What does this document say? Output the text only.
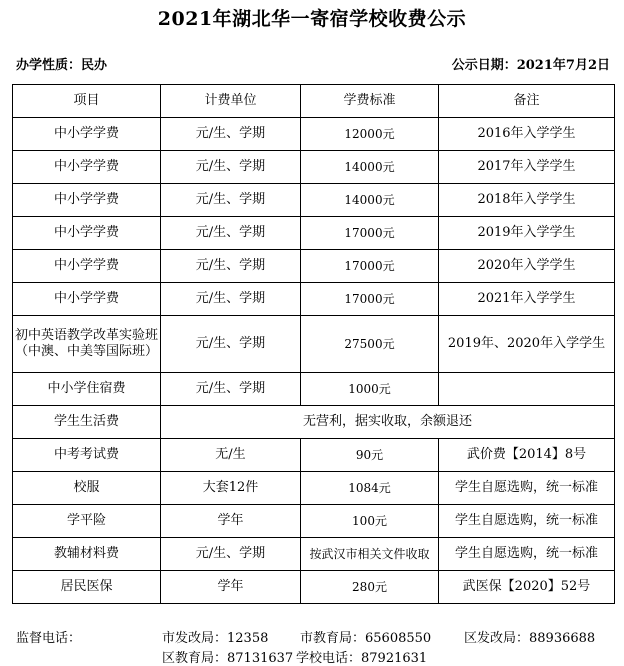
2021年湖北华一寄宿学校收费公示
办学性质：民办	公示日期：2021年7月2日
项目	计费单位	学费标准	备注
中小学学费	元/生、学期	12000元	2016年入学学生
中小学学费	元/生、学期	14000元	2017年入学学生
中小学学费	元/生、学期	14000元	2018年入学学生
中小学学费	元/生、学期	17000元	2019年入学学生
中小学学费	元/生、学期	17000元	2020年入学学生
中小学学费	元/生、学期	17000元	2021年入学学生
初中英语教学改革实验班（中澳、中美等国际班）	元/生、学期	27500元	2019年、2020年入学学生
中小学住宿费	元/生、学期	1000元	
学生生活费	无营利，据实收取，余额退还		
中考考试费	无/生	90元	武价费【2014】8号
校服	大套12件	1084元	学生自愿选购，统一标准
学平险	学年	100元	学生自愿选购，统一标准
教辅材料费	元/生、学期	按武汉市相关文件收取	学生自愿选购，统一标准
居民医保	学年	280元	武医保【2020】52号
监督电话：	市发改局：12358 市教育局：65608550	区发改局：88936688
区教育局：87131637 学校电话：87921631
